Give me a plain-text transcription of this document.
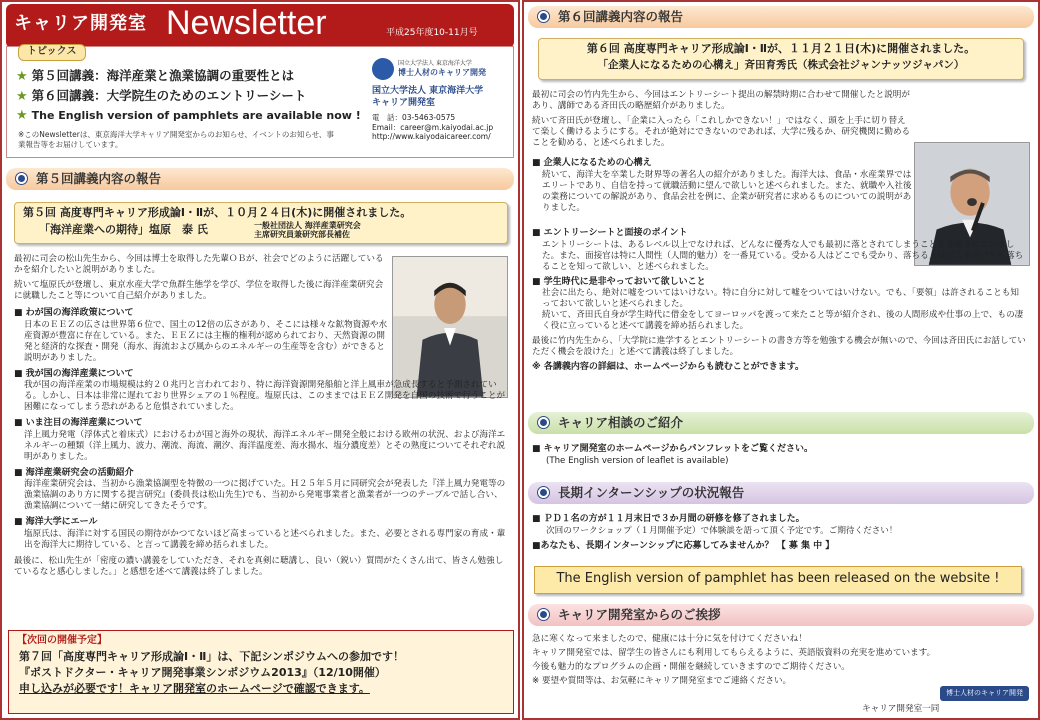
キャリア開発室 Newsletter	平成25年度10-11月号
トピックス
★ 第５回講義：海洋産業と漁業協調の重要性とは
★ 第６回講義：大学院生のためのエントリーシート
★ The English version of pamphlets are available now !
※このNewsletterは、東京海洋大学キャリア開発室からのお知らせ、イベントのお知らせ、事業報告等をお届けしています。
国立大学法人 東京海洋大学
博士人材のキャリア開発
国立大学法人 東京海洋大学
キャリア開発室
電　話：03-5463-0575
Email：career@m.kaiyodai.ac.jp
http://www.kaiyodaicareer.com/
第５回講義内容の報告
第５回 高度専門キャリア形成論Ⅰ・Ⅱが、１０月２４日(木)に開催されました。
「海洋産業への期待」塩原　泰 氏	一般社団法人 海洋産業研究会
主席研究員兼研究部長補佐
最初に司会の松山先生から、今回は博士を取得した先輩ＯＢが、社会でどのように活躍しているかを紹介したいと説明がありました。
続いて塩原氏が登壇し、東京水産大学で魚群生態学を学び、学位を取得した後に海洋産業研究会に就職したこと等について自己紹介がありました。
■ わが国の海洋政策について
日本のＥＥＺの広さは世界第６位で、国土の12倍の広さがあり、そこには様々な鉱物資源や水産資源が豊富に存在している。また、ＥＥＺには主権的権利が認められており、天然資源の開発と経済的な探査・開発（海水、海流および風からのエネルギーの生産等を含む）ができると説明がありました。
■ 我が国の海洋産業について
我が国の海洋産業の市場規模は約２０兆円と言われており、特に海洋資源開発船舶と洋上風車が急成長すると予測されている。しかし、日本は非常に遅れており世界シェアの１％程度。塩原氏は、このままではＥＥＺ開発を自国の技術で行うことが困難になってしまう恐れがあると危惧されていました。
■ いま注目の海洋産業について
洋上風力発電（浮体式と着床式）におけるわが国と海外の現状、海洋エネルギー開発全般における欧州の状況、および海洋エネルギーの種類（洋上風力、波力、潮流、海流、潮汐、海洋温度差、海水揚水、塩分濃度差）とその熟度についてそれぞれ説明がありました。
■ 海洋産業研究会の活動紹介
海洋産業研究会は、当初から漁業協調型を特徴の一つに掲げていた。Ｈ２５年５月に同研究会が発表した『洋上風力発電等の漁業協調のあり方に関する提言研究』(委員長は松山先生)でも、当初から発電事業者と漁業者が一つのテーブルで話し合い、漁業協調について一緒に研究してきたそうです。
■ 海洋大学にエール
塩原氏は、海洋に対する国民の期待がかつてないほど高まっていると述べられました。また、必要とされる専門家の育成・輩出を海洋大に期待している、と言って講義を締め括られました。
最後に、松山先生が「密度の濃い講義をしていただき、それを真剣に聴講し、良い（鋭い）質問がたくさん出て、皆さん勉強しているなと感心しました。」と感想を述べて講義は終了しました。
【次回の開催予定】
第７回「高度専門キャリア形成論Ⅰ・Ⅱ」は、下記シンポジウムへの参加です！
『ポストドクター・キャリア開発事業シンポジウム2013』（12/10開催）
申し込みが必要です！キャリア開発室のホームページで確認できます。
第６回講義内容の報告
第６回 高度専門キャリア形成論Ⅰ・Ⅱが、１１月２１日(木)に開催されました。
「企業人になるための心構え」斉田育秀氏（株式会社ジャンナッツジャパン）
最初に司会の竹内先生から、今回はエントリーシート提出の解禁時期に合わせて開催したと説明があり、講師である斉田氏の略歴紹介がありました。
続いて斉田氏が登壇し、「企業に入ったら「これしかできない！」ではなく、頭を上手に切り替えて楽しく働けるようにする。それが絶対にできないのであれば、大学に残るか、研究機関に勤めることを勧める、と述べられました。
■ 企業人になるための心構え
続いて、海洋大を卒業した財界等の著名人の紹介がありました。海洋大は、食品・水産業界ではエリートであり、自信を持って就職活動に望んで欲しいと述べられました。また、就職や入社後の業務についての解説があり、食品会社を例に、企業が研究者に求めるものについての説明がありました。
■ エントリーシートと面接のポイント
エントリーシートは、あるレベル以上でなければ、どんなに優秀な人でも最初に落とされてしまうことを強調されていました。また、面接官は特に人間性（人間的魅力）を一番見ている。受かる人はどこでも受かり、落ちる人はどこを受けても落ちることを知って欲しい、と述べられました。
■ 学生時代に是非やっておいて欲しいこと
社会に出たら、絶対に嘘をついてはいけない。特に自分に対して嘘をついてはいけない。でも、「要領」は許されることも知っておいて欲しいと述べられました。
続いて、斉田氏自身が学生時代に借金をしてヨーロッパを渡って来たこと等が紹介され、後の人間形成や仕事の上で、もの凄く役に立っていると述べて講義を締め括られました。
最後に竹内先生から、「大学院に進学するとエントリーシートの書き方等を勉強する機会が無いので、今回は斉田氏にお話していただく機会を設けた」と述べて講義は終了しました。
※ 各講義内容の詳細は、ホームページからも読むことができます。
キャリア相談のご紹介
■ キャリア開発室のホームページからパンフレットをご覧ください。
(The English version of leaflet is available)
長期インターンシップの状況報告
■ ＰＤ１名の方が１１月末日で３か月間の研修を修了されました。
次回のワークショップ（１月開催予定）で体験談を語って頂く予定です。ご期待ください！
■あなたも、長期インターンシップに応募してみませんか？ 【 募 集 中 】
The English version of pamphlet has been released on the website !
キャリア開発室からのご挨拶
急に寒くなって来ましたので、健康には十分に気を付けてくださいね！
キャリア開発室では、留学生の皆さんにも利用してもらえるように、英語版資料の充実を進めています。
今後も魅力的なプログラムの企画・開催を継続していきますのでご期待ください。
※ 要望や質問等は、お気軽にキャリア開発室までご連絡ください。
キャリア開発室一同
博士人材のキャリア開発
